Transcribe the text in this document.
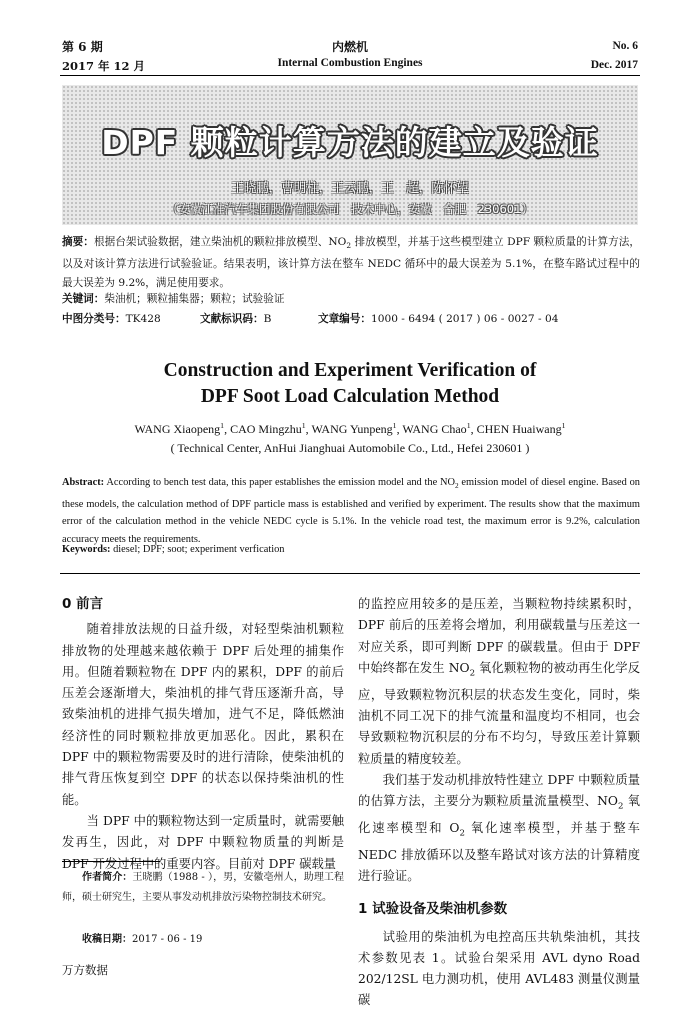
第 6 期
2017 年 12 月
内燃机
Internal Combustion Engines
No. 6
Dec. 2017
DPF 颗粒计算方法的建立及验证
王晓鹏，曹明柱，王云鹏，王　超，陈怀望
（安徽江淮汽车集团股份有限公司　技术中心，安徽　合肥　230601）
摘要：根据台架试验数据，建立柴油机的颗粒排放模型、$NO_2$ 排放模型，并基于这些模型建立 DPF 颗粒质量的计算方法，以及对该计算方法进行试验验证。结果表明，该计算方法在整车 NEDC 循环中的最大误差为 5.1%，在整车路试过程中的最大误差为 9.2%，满足使用要求。
关键词：柴油机；颗粒捕集器；颗粒；试验验证
中图分类号：TK428	文献标识码：B	文章编号：1000 - 6494 ( 2017 ) 06 - 0027 - 04
Construction and Experiment Verification of
DPF Soot Load Calculation Method
WANG Xiaopeng$^1$, CAO Mingzhu$^1$, WANG Yunpeng$^1$, WANG Chao$^1$, CHEN Huaiwang$^1$
( Technical Center, AnHui Jianghuai Automobile Co., Ltd., Hefei 230601 )
Abstract: According to bench test data, this paper establishes the emission model and the $NO_2$ emission model of diesel engine. Based on these models, the calculation method of DPF particle mass is established and verified by experiment. The results show that the maximum error of the calculation method in the vehicle NEDC cycle is 5.1%. In the vehicle road test, the maximum error is 9.2%, calculation accuracy meets the requirements.
Keywords: diesel; DPF; soot; experiment verfication
0 前言

随着排放法规的日益升级，对轻型柴油机颗粒排放物的处理越来越依赖于 DPF 后处理的捕集作用。但随着颗粒物在 DPF 内的累积，DPF 的前后压差会逐渐增大，柴油机的排气背压逐渐升高，导致柴油机的进排气损失增加，进气不足，降低燃油经济性的同时颗粒排放更加恶化。因此，累积在 DPF 中的颗粒物需要及时的进行清除，使柴油机的排气背压恢复到空 DPF 的状态以保持柴油机的性能。

当 DPF 中的颗粒物达到一定质量时，就需要触发再生，因此，对 DPF 中颗粒物质量的判断是 DPF 开发过程中的重要内容。目前对 DPF 碳载量

作者简介：王晓鹏（1988 - ），男，安徽亳州人，助理工程师，硕士研究生，主要从事发动机排放污染物控制技术研究。
收稿日期：2017 - 06 - 19

的监控应用较多的是压差，当颗粒物持续累积时，DPF 前后的压差将会增加，利用碳载量与压差这一对应关系，即可判断 DPF 的碳载量。但由于 DPF 中始终都在发生 $NO_2$ 氧化颗粒物的被动再生化学反应，导致颗粒物沉积层的状态发生变化，同时，柴油机不同工况下的排气流量和温度均不相同，也会导致颗粒物沉积层的分布不均匀，导致压差计算颗粒质量的精度较差。

我们基于发动机排放特性建立 DPF 中颗粒质量的估算方法，主要分为颗粒质量流量模型、$NO_2$ 氧化速率模型和 $O_2$ 氧化速率模型，并基于整车 NEDC 排放循环以及整车路试对该方法的计算精度进行验证。

1 试验设备及柴油机参数

试验用的柴油机为电控高压共轨柴油机，其技术参数见表 1。试验台架采用 AVL dyno Road 202/12SL 电力测功机，使用 AVL483 测量仪测量碳

万方数据
